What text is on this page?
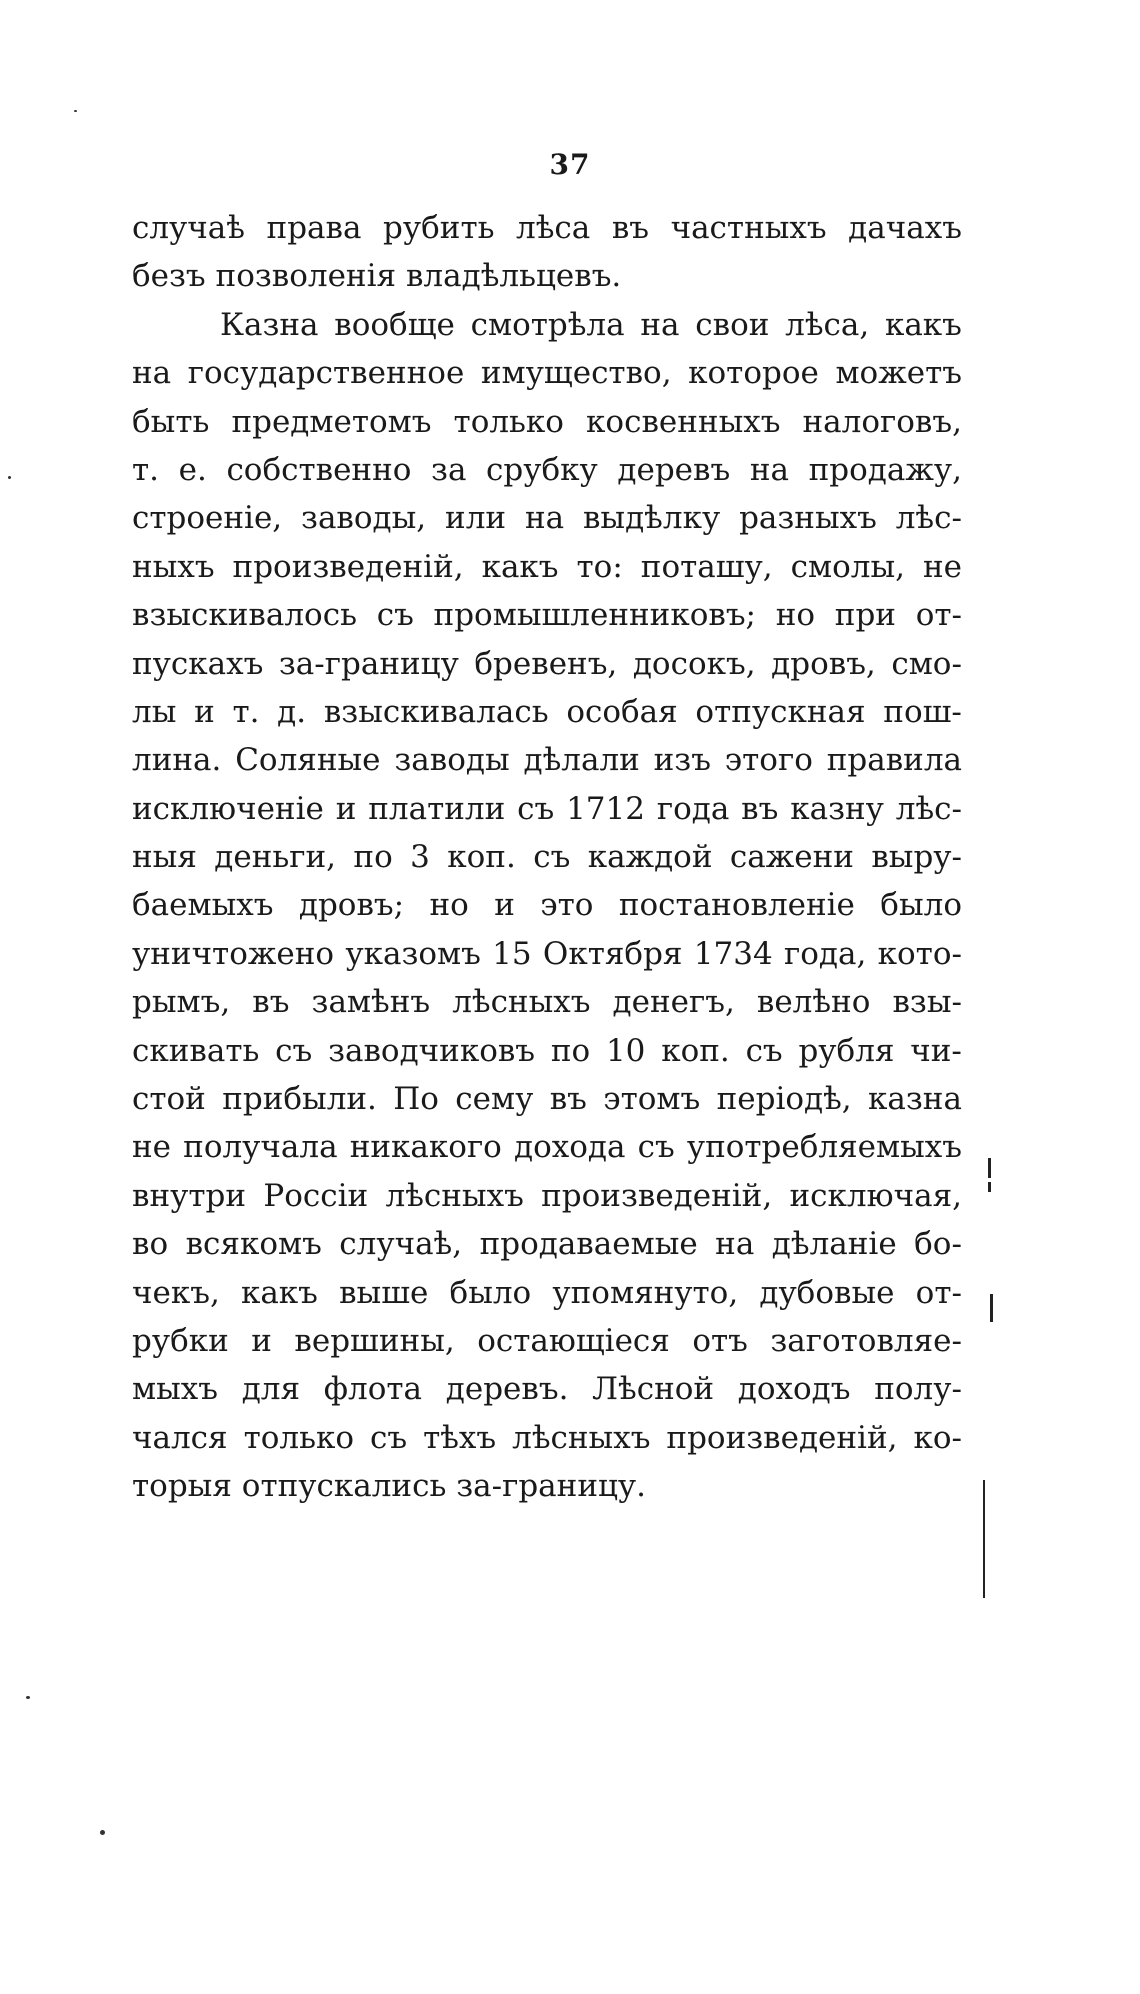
37
случаѣ права рубить лѣса въ частныхъ дачахъ
безъ позволенія владѣльцевъ.
Казна вообще смотрѣла на свои лѣса, какъ
на государственное имущество, которое можетъ
быть предметомъ только косвенныхъ налоговъ,
т. е. собственно за срубку деревъ на продажу,
строеніе, заводы, или на выдѣлку разныхъ лѣс-
ныхъ произведеній, какъ то: поташу, смолы, не
взыскивалось съ промышленниковъ; но при от-
пускахъ за-границу бревенъ, досокъ, дровъ, смо-
лы и т. д. взыскивалась особая отпускная пош-
лина. Соляные заводы дѣлали изъ этого правила
исключеніе и платили съ 1712 года въ казну лѣс-
ныя деньги, по 3 коп. съ каждой сажени выру-
баемыхъ дровъ; но и это постановленіе было
уничтожено указомъ 15 Октября 1734 года, кото-
рымъ, въ замѣнъ лѣсныхъ денегъ, велѣно взы-
скивать съ заводчиковъ по 10 коп. съ рубля чи-
стой прибыли. По сему въ этомъ періодѣ, казна
не получала никакого дохода съ употребляемыхъ
внутри Россіи лѣсныхъ произведеній, исключая,
во всякомъ случаѣ, продаваемые на дѣланіе бо-
чекъ, какъ выше было упомянуто, дубовые от-
рубки и вершины, остающіеся отъ заготовляе-
мыхъ для флота деревъ. Лѣсной доходъ полу-
чался только съ тѣхъ лѣсныхъ произведеній, ко-
торыя отпускались за-границу.
